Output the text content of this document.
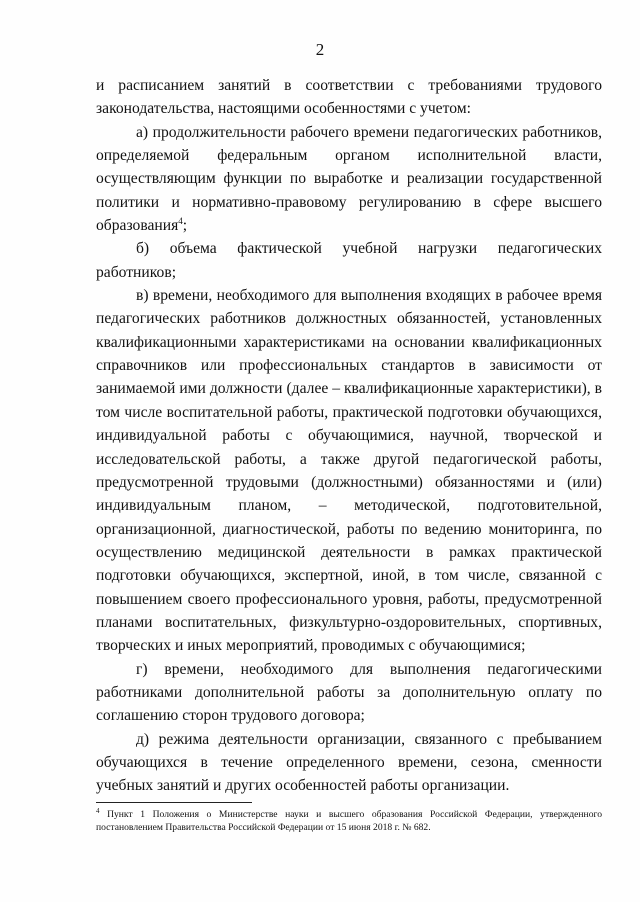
2

и расписанием занятий в соответствии с требованиями трудового законодательства, настоящими особенностями с учетом:

а) продолжительности рабочего времени педагогических работников, определяемой федеральным органом исполнительной власти, осуществляющим функции по выработке и реализации государственной политики и нормативно-правовому регулированию в сфере высшего образования$^4$;

б) объема фактической учебной нагрузки педагогических работников;

в) времени, необходимого для выполнения входящих в рабочее время педагогических работников должностных обязанностей, установленных квалификационными характеристиками на основании квалификационных справочников или профессиональных стандартов в зависимости от занимаемой ими должности (далее – квалификационные характеристики), в том числе воспитательной работы, практической подготовки обучающихся, индивидуальной работы с обучающимися, научной, творческой и исследовательской работы, а также другой педагогической работы, предусмотренной трудовыми (должностными) обязанностями и (или) индивидуальным планом, – методической, подготовительной, организационной, диагностической, работы по ведению мониторинга, по осуществлению медицинской деятельности в рамках практической подготовки обучающихся, экспертной, иной, в том числе, связанной с повышением своего профессионального уровня, работы, предусмотренной планами воспитательных, физкультурно-оздоровительных, спортивных, творческих и иных мероприятий, проводимых с обучающимися;

г) времени, необходимого для выполнения педагогическими работниками дополнительной работы за дополнительную оплату по соглашению сторон трудового договора;

д) режима деятельности организации, связанного с пребыванием обучающихся в течение определенного времени, сезона, сменности учебных занятий и других особенностей работы организации.

$^4$ Пункт 1 Положения о Министерстве науки и высшего образования Российской Федерации, утвержденного постановлением Правительства Российской Федерации от 15 июня 2018 г. № 682.
